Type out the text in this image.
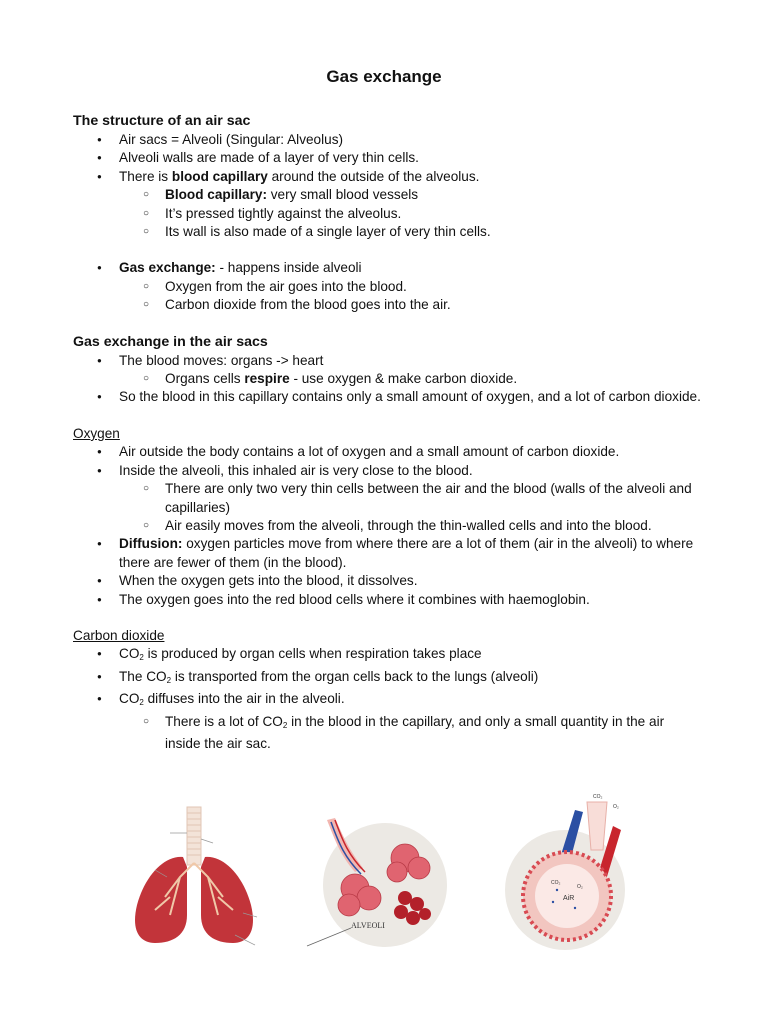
Gas exchange
The structure of an air sac
● Air sacs = Alveoli (Singular: Alveolus)
● Alveoli walls are made of a layer of very thin cells.
● There is blood capillary around the outside of the alveolus.
○ Blood capillary: very small blood vessels
○ It’s pressed tightly against the alveolus.
○ Its wall is also made of a single layer of very thin cells.
● Gas exchange: - happens inside alveoli
○ Oxygen from the air goes into the blood.
○ Carbon dioxide from the blood goes into the air.
Gas exchange in the air sacs
● The blood moves: organs -> heart
○ Organs cells respire - use oxygen & make carbon dioxide.
● So the blood in this capillary contains only a small amount of oxygen, and a lot of carbon dioxide.

Oxygen

● Air outside the body contains a lot of oxygen and a small amount of carbon dioxide.
● Inside the alveoli, this inhaled air is very close to the blood.
○ There are only two very thin cells between the air and the blood (walls of the alveoli and capillaries)
○ Air easily moves from the alveoli, through the thin-walled cells and into the blood.
● Diffusion: oxygen particles move from where there are a lot of them (air in the alveoli) to where there are fewer of them (in the blood).
● When the oxygen gets into the blood, it dissolves.
● The oxygen goes into the red blood cells where it combines with haemoglobin.

Carbon dioxide

● $CO_2$ is produced by organ cells when respiration takes place
● The $CO_2$ is transported from the organ cells back to the lungs (alveoli)
● $CO_2$ diffuses into the air in the alveoli.
○ There is a lot of $CO_2$ in the blood in the capillary, and only a small quantity in the air inside the air sac.
ALVEOLI
AiR
CO₂
O₂
CO₂
O₂
